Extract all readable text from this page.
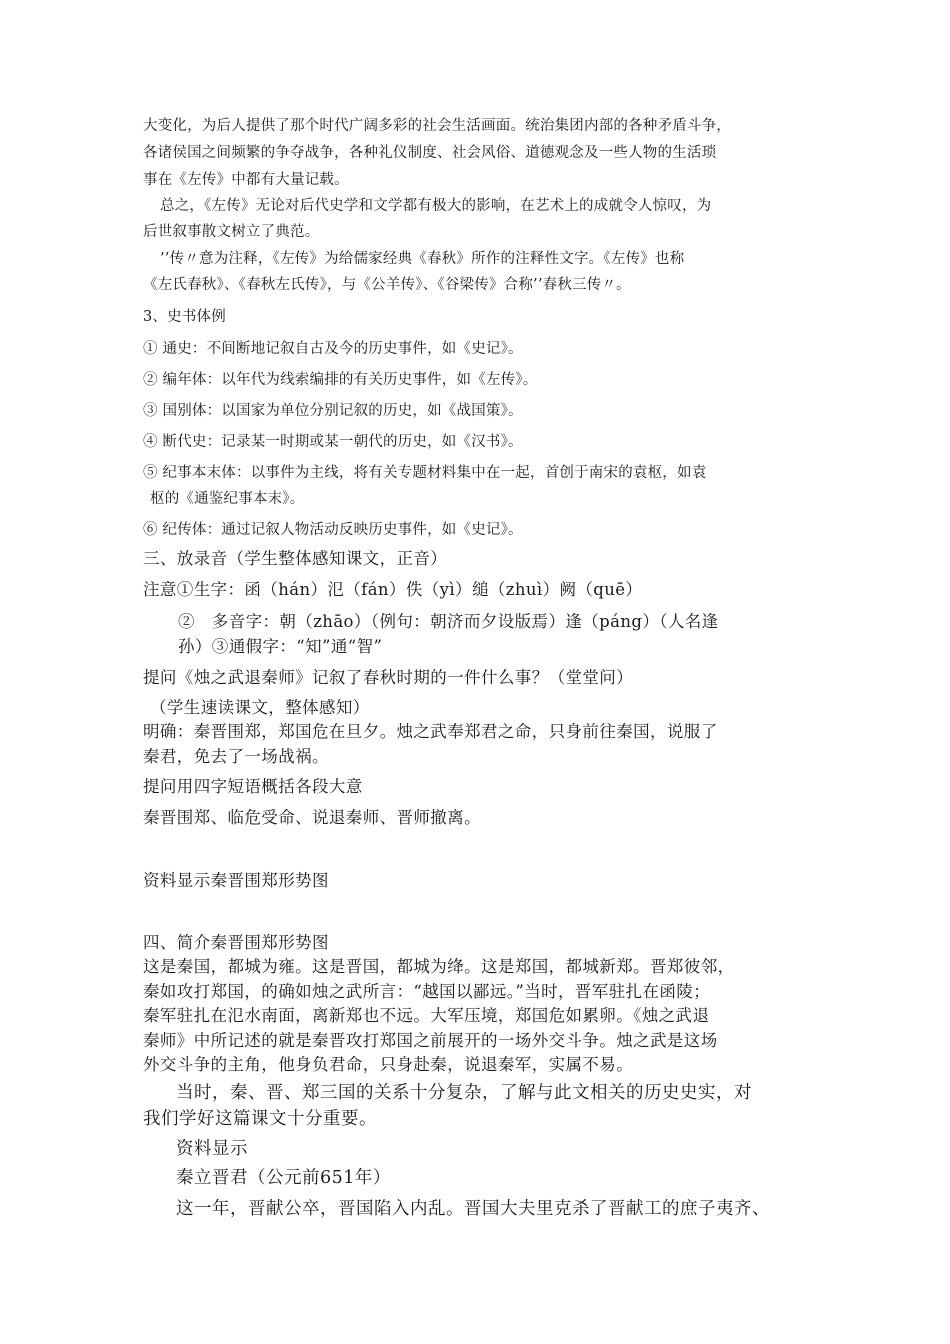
大变化，为后人提供了那个时代广阔多彩的社会生活画面。统治集团内部的各种矛盾斗争，
各诸侯国之间频繁的争夺战争，各种礼仪制度、社会风俗、道德观念及一些人物的生活琐
事在《左传》中都有大量记载。
总之，《左传》无论对后代史学和文学都有极大的影响，在艺术上的成就令人惊叹，为
后世叙事散文树立了典范。
’’传〃意为注释，《左传》为给儒家经典《春秋》所作的注释性文字。《左传》也称
《左氏春秋》、《春秋左氏传》，与《公羊传》、《谷梁传》合称’’春秋三传〃。
3、史书体例
① 通史：不间断地记叙自古及今的历史事件，如《史记》。
② 编年体：以年代为线索编排的有关历史事件，如《左传》。
③ 国别体：以国家为单位分别记叙的历史，如《战国策》。
④ 断代史：记录某一时期或某一朝代的历史，如《汉书》。
⑤ 纪事本末体：以事件为主线，将有关专题材料集中在一起，首创于南宋的袁枢，如袁
枢的《通鉴纪事本末》。
⑥ 纪传体：通过记叙人物活动反映历史事件，如《史记》。
三、放录音（学生整体感知课文，正音）
注意①生字：函（hán）氾（fán）佚（yì）缒（zhuì）阙（quē）
②　多音字：朝（zhāo）（例句：朝济而夕设版焉）逢（páng）（人名逢
孙）③通假字：“知”通“智”
提问《烛之武退秦师》记叙了春秋时期的一件什么事？（堂堂问）
（学生速读课文，整体感知）
明确：秦晋围郑，郑国危在旦夕。烛之武奉郑君之命，只身前往秦国，说服了
秦君，免去了一场战祸。
提问用四字短语概括各段大意
秦晋围郑、临危受命、说退秦师、晋师撤离。
资料显示秦晋围郑形势图
四、简介秦晋围郑形势图
这是秦国，都城为雍。这是晋国，都城为绛。这是郑国，都城新郑。晋郑彼邻，
秦如攻打郑国，的确如烛之武所言：“越国以鄙远。”当时，晋军驻扎在函陵；
秦军驻扎在氾水南面，离新郑也不远。大军压境，郑国危如累卵。《烛之武退
秦师》中所记述的就是秦晋攻打郑国之前展开的一场外交斗争。烛之武是这场
外交斗争的主角，他身负君命，只身赴秦，说退秦军，实属不易。
当时，秦、晋、郑三国的关系十分复杂，了解与此文相关的历史史实，对
我们学好这篇课文十分重要。
资料显示
秦立晋君（公元前651年）
这一年，晋献公卒，晋国陷入内乱。晋国大夫里克杀了晋献工的庶子夷齐、
